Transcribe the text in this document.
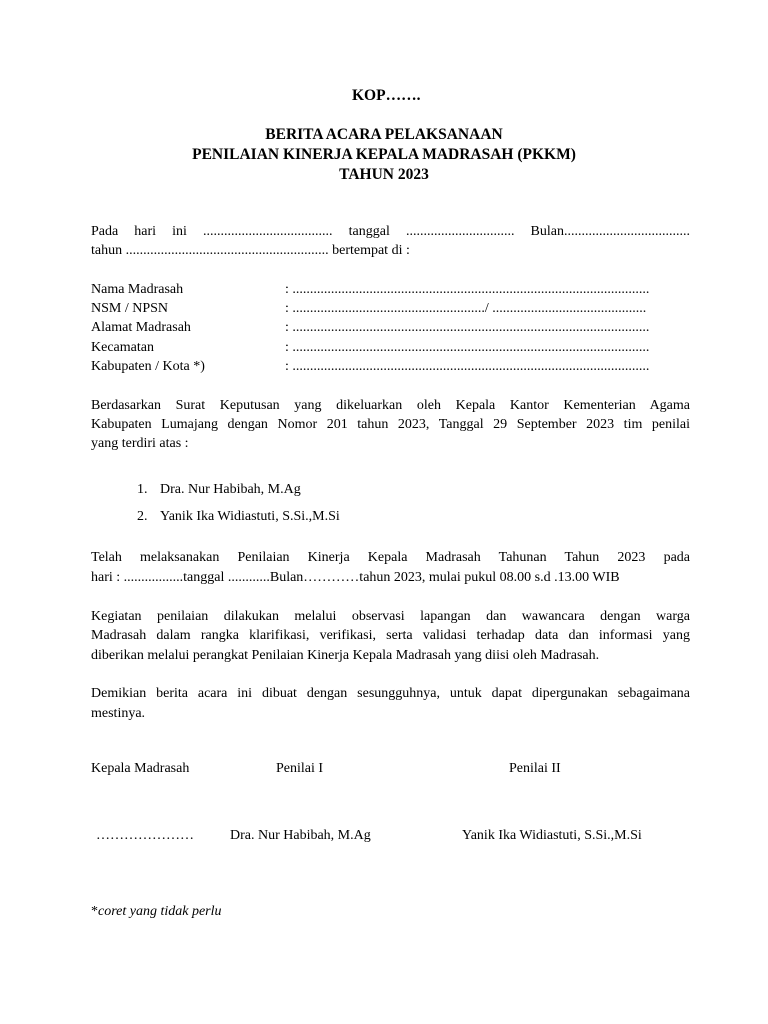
KOP…….
BERITA ACARA PELAKSANAAN
PENILAIAN KINERJA KEPALA MADRASAH (PKKM)
TAHUN 2023
Pada hari ini ..................................... tanggal ............................... Bulan....................................
tahun .......................................................... bertempat di :
Nama Madrasah	: ......................................................................................................
NSM / NPSN	: ......................................................./ ............................................
Alamat Madrasah	: ......................................................................................................
Kecamatan	: ......................................................................................................
Kabupaten / Kota *)	: ......................................................................................................
Berdasarkan Surat Keputusan yang dikeluarkan oleh Kepala Kantor Kementerian Agama
Kabupaten Lumajang dengan Nomor 201 tahun 2023, Tanggal 29 September 2023 tim penilai
yang terdiri atas :
1. Dra. Nur Habibah, M.Ag
2. Yanik Ika Widiastuti, S.Si.,M.Si
Telah melaksanakan Penilaian Kinerja Kepala Madrasah Tahunan Tahun 2023 pada
hari : .................tanggal ............Bulan…………tahun 2023, mulai pukul 08.00 s.d .13.00 WIB
Kegiatan penilaian dilakukan melalui observasi lapangan dan wawancara dengan warga
Madrasah dalam rangka klarifikasi, verifikasi, serta validasi terhadap data dan informasi yang
diberikan melalui perangkat Penilaian Kinerja Kepala Madrasah yang diisi oleh Madrasah.
Demikian berita acara ini dibuat dengan sesungguhnya, untuk dapat dipergunakan sebagaimana
mestinya.
Kepala Madrasah	Penilai I	Penilai II
…………………	Dra. Nur Habibah, M.Ag	Yanik Ika Widiastuti, S.Si.,M.Si
*coret yang tidak perlu
